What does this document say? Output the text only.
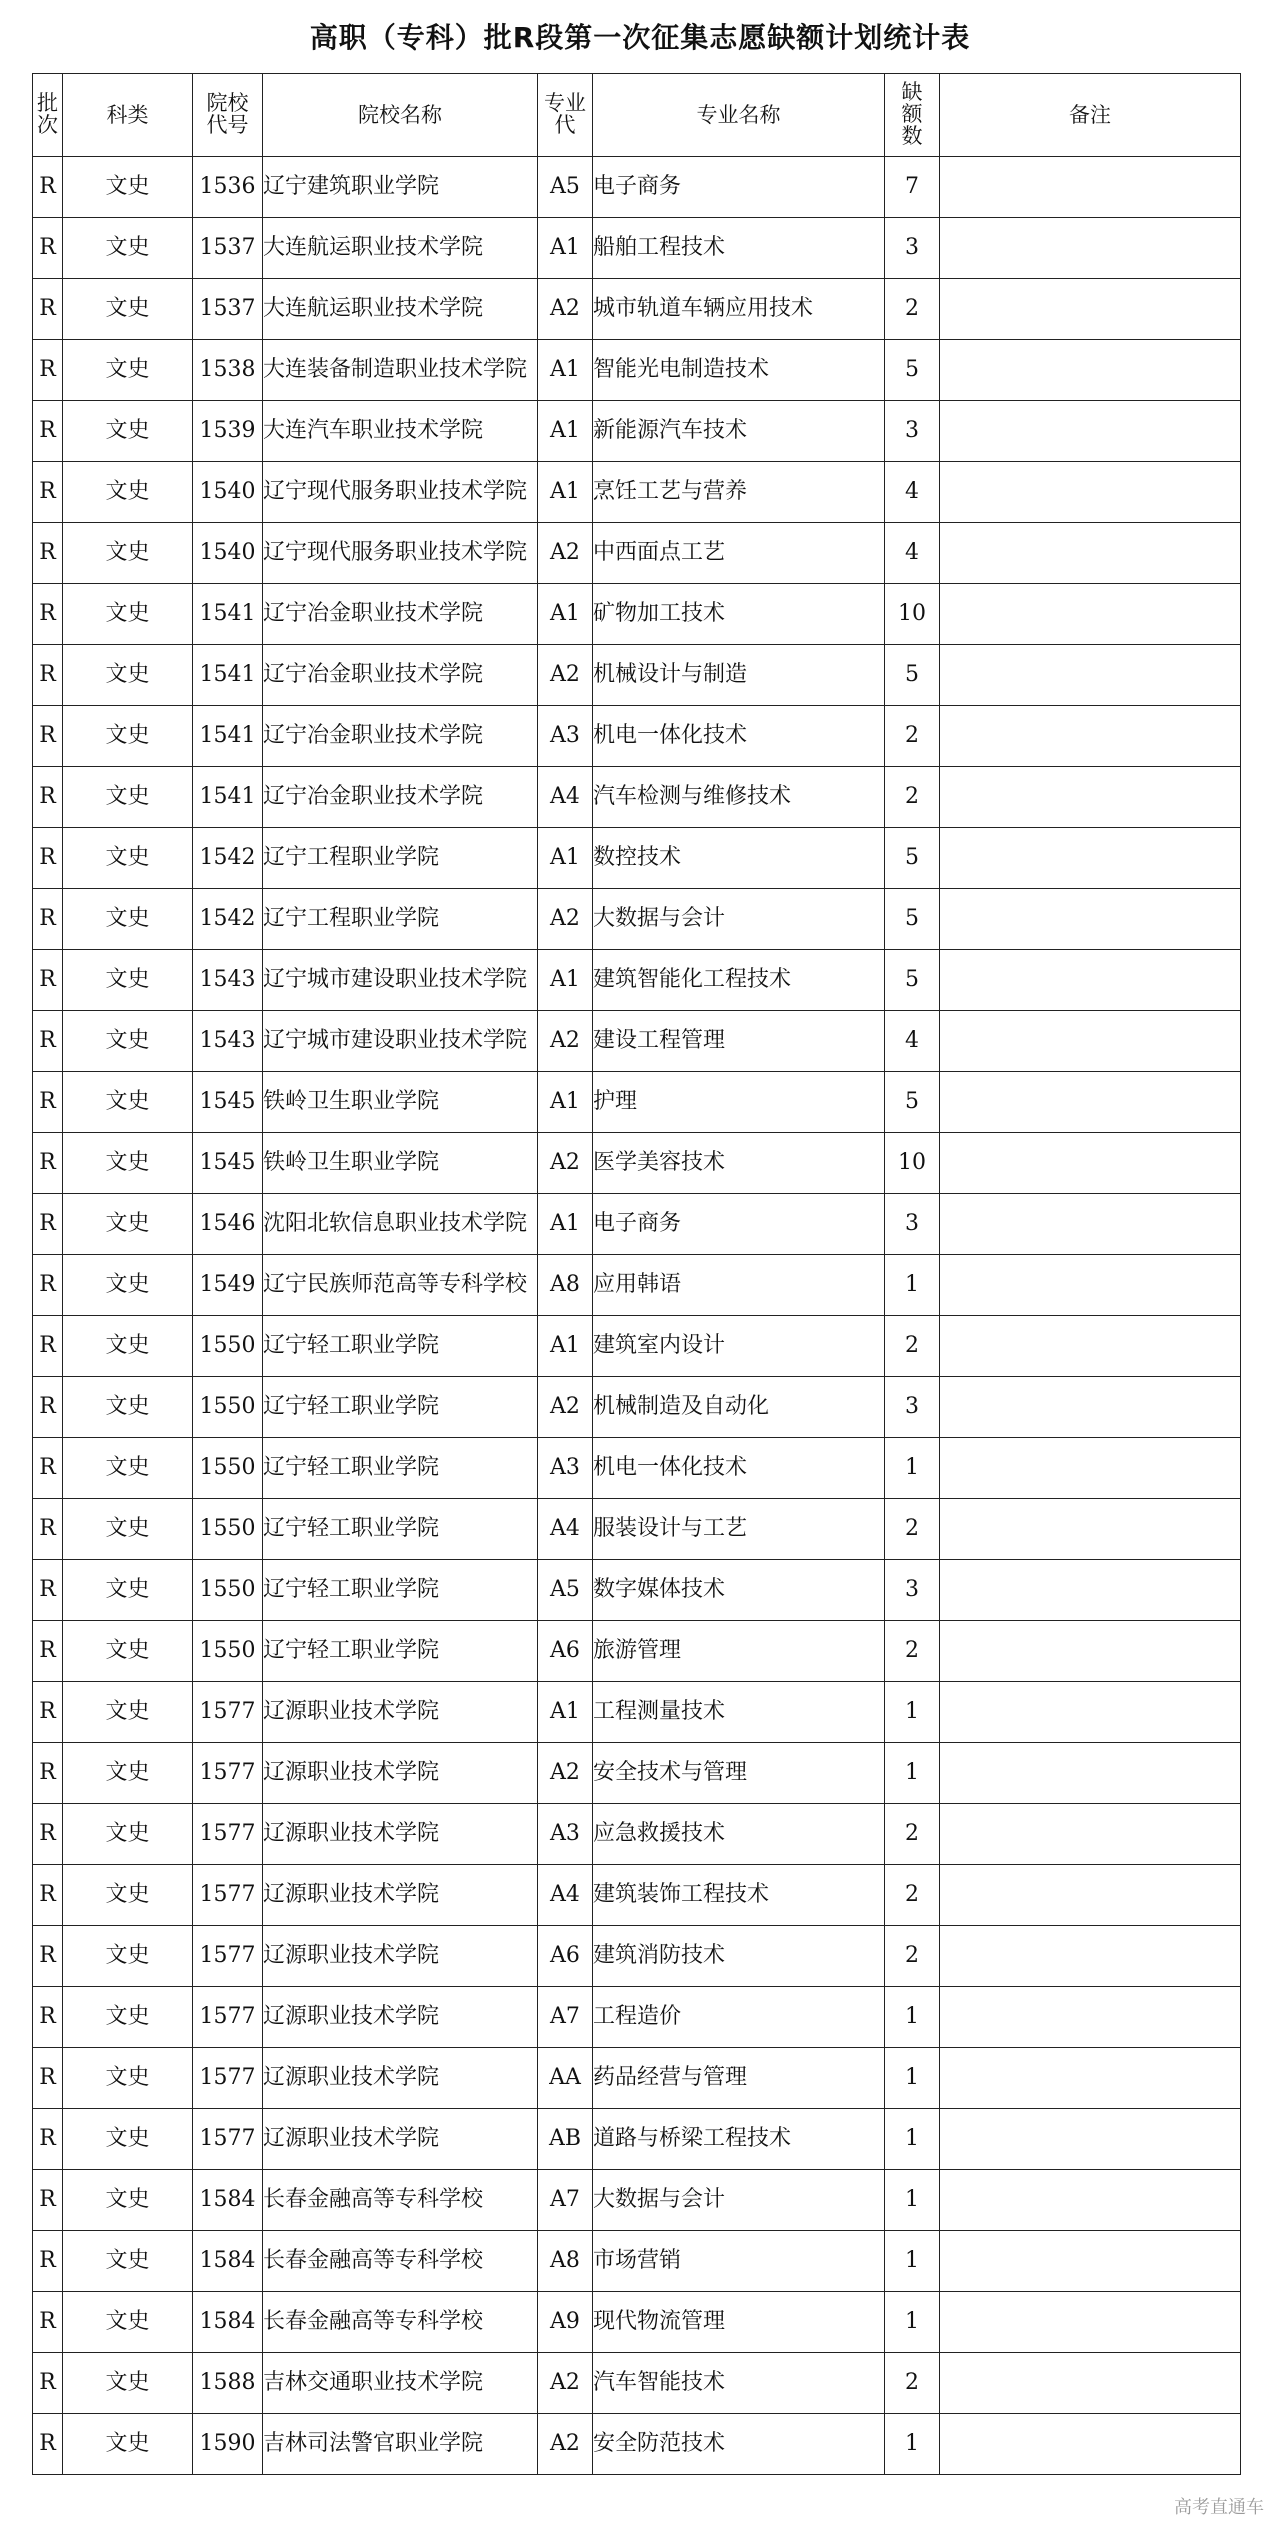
高职（专科）批R段第一次征集志愿缺额计划统计表
批次	科类	院校代号	院校名称	专业代	专业名称	缺额数	备注
R	文史	1536	辽宁建筑职业学院	A5	电子商务	7	
R	文史	1537	大连航运职业技术学院	A1	船舶工程技术	3	
R	文史	1537	大连航运职业技术学院	A2	城市轨道车辆应用技术	2	
R	文史	1538	大连装备制造职业技术学院	A1	智能光电制造技术	5	
R	文史	1539	大连汽车职业技术学院	A1	新能源汽车技术	3	
R	文史	1540	辽宁现代服务职业技术学院	A1	烹饪工艺与营养	4	
R	文史	1540	辽宁现代服务职业技术学院	A2	中西面点工艺	4	
R	文史	1541	辽宁冶金职业技术学院	A1	矿物加工技术	10	
R	文史	1541	辽宁冶金职业技术学院	A2	机械设计与制造	5	
R	文史	1541	辽宁冶金职业技术学院	A3	机电一体化技术	2	
R	文史	1541	辽宁冶金职业技术学院	A4	汽车检测与维修技术	2	
R	文史	1542	辽宁工程职业学院	A1	数控技术	5	
R	文史	1542	辽宁工程职业学院	A2	大数据与会计	5	
R	文史	1543	辽宁城市建设职业技术学院	A1	建筑智能化工程技术	5	
R	文史	1543	辽宁城市建设职业技术学院	A2	建设工程管理	4	
R	文史	1545	铁岭卫生职业学院	A1	护理	5	
R	文史	1545	铁岭卫生职业学院	A2	医学美容技术	10	
R	文史	1546	沈阳北软信息职业技术学院	A1	电子商务	3	
R	文史	1549	辽宁民族师范高等专科学校	A8	应用韩语	1	
R	文史	1550	辽宁轻工职业学院	A1	建筑室内设计	2	
R	文史	1550	辽宁轻工职业学院	A2	机械制造及自动化	3	
R	文史	1550	辽宁轻工职业学院	A3	机电一体化技术	1	
R	文史	1550	辽宁轻工职业学院	A4	服装设计与工艺	2	
R	文史	1550	辽宁轻工职业学院	A5	数字媒体技术	3	
R	文史	1550	辽宁轻工职业学院	A6	旅游管理	2	
R	文史	1577	辽源职业技术学院	A1	工程测量技术	1	
R	文史	1577	辽源职业技术学院	A2	安全技术与管理	1	
R	文史	1577	辽源职业技术学院	A3	应急救援技术	2	
R	文史	1577	辽源职业技术学院	A4	建筑装饰工程技术	2	
R	文史	1577	辽源职业技术学院	A6	建筑消防技术	2	
R	文史	1577	辽源职业技术学院	A7	工程造价	1	
R	文史	1577	辽源职业技术学院	AA	药品经营与管理	1	
R	文史	1577	辽源职业技术学院	AB	道路与桥梁工程技术	1	
R	文史	1584	长春金融高等专科学校	A7	大数据与会计	1	
R	文史	1584	长春金融高等专科学校	A8	市场营销	1	
R	文史	1584	长春金融高等专科学校	A9	现代物流管理	1	
R	文史	1588	吉林交通职业技术学院	A2	汽车智能技术	2	
R	文史	1590	吉林司法警官职业学院	A2	安全防范技术	1	
高考直通车
